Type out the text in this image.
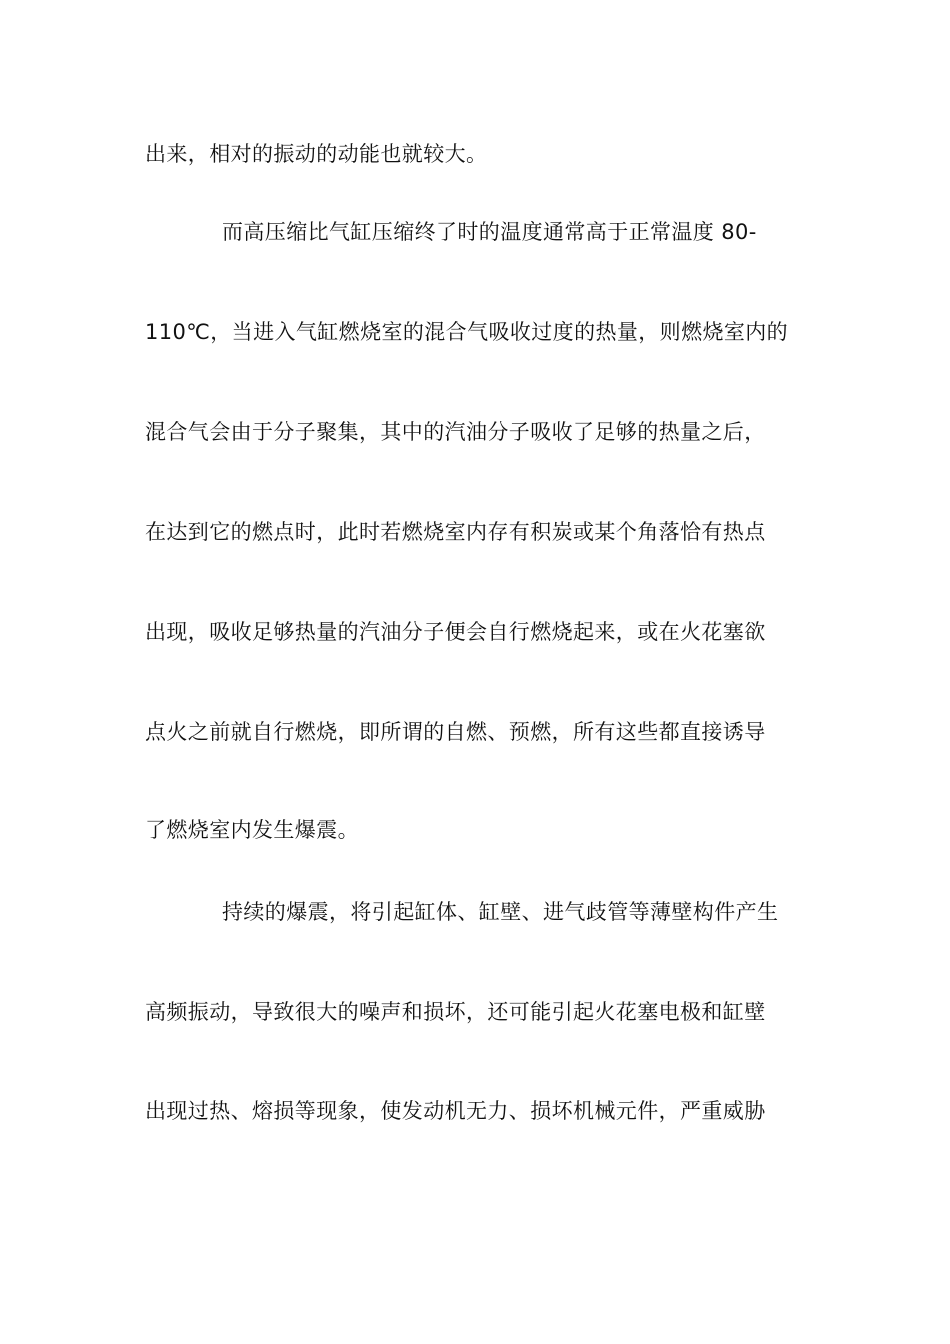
出来，相对的振动的动能也就较大。
而高压缩比气缸压缩终了时的温度通常高于正常温度 80-
110℃，当进入气缸燃烧室的混合气吸收过度的热量，则燃烧室内的
混合气会由于分子聚集，其中的汽油分子吸收了足够的热量之后，
在达到它的燃点时，此时若燃烧室内存有积炭或某个角落恰有热点
出现，吸收足够热量的汽油分子便会自行燃烧起来，或在火花塞欲
点火之前就自行燃烧，即所谓的自燃、预燃，所有这些都直接诱导
了燃烧室内发生爆震。
持续的爆震，将引起缸体、缸壁、进气歧管等薄壁构件产生
高频振动，导致很大的噪声和损坏，还可能引起火花塞电极和缸壁
出现过热、熔损等现象，使发动机无力、损坏机械元件，严重威胁
